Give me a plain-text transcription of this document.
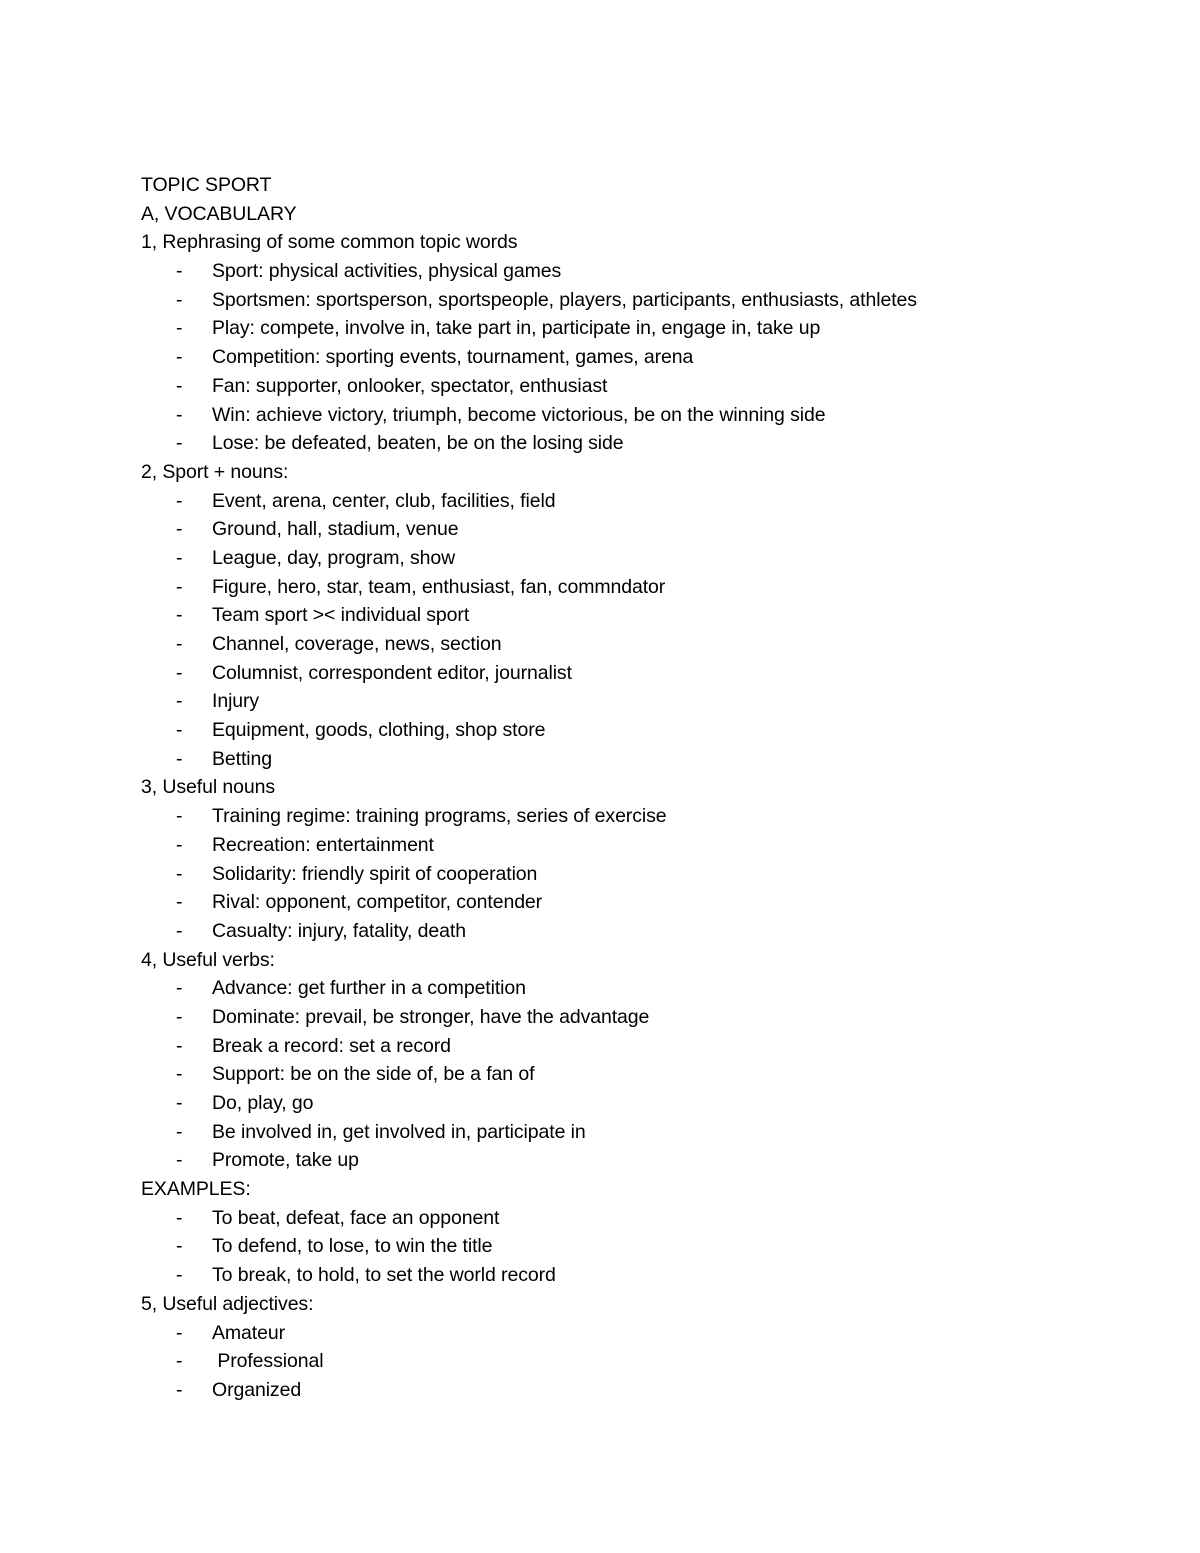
TOPIC SPORT
A, VOCABULARY
1, Rephrasing of some common topic words
- Sport: physical activities, physical games
- Sportsmen: sportsperson, sportspeople, players, participants, enthusiasts, athletes
- Play: compete, involve in, take part in, participate in, engage in, take up
- Competition: sporting events, tournament, games, arena
- Fan: supporter, onlooker, spectator, enthusiast
- Win: achieve victory, triumph, become victorious, be on the winning side
- Lose: be defeated, beaten, be on the losing side
2, Sport + nouns:
- Event, arena, center, club, facilities, field
- Ground, hall, stadium, venue
- League, day, program, show
- Figure, hero, star, team, enthusiast, fan, commndator
- Team sport >< individual sport
- Channel, coverage, news, section
- Columnist, correspondent editor, journalist
- Injury
- Equipment, goods, clothing, shop store
- Betting
3, Useful nouns
- Training regime: training programs, series of exercise
- Recreation: entertainment
- Solidarity: friendly spirit of cooperation
- Rival: opponent, competitor, contender
- Casualty: injury, fatality, death
4, Useful verbs:
- Advance: get further in a competition
- Dominate: prevail, be stronger, have the advantage
- Break a record: set a record
- Support: be on the side of, be a fan of
- Do, play, go
- Be involved in, get involved in, participate in
- Promote, take up
EXAMPLES:
- To beat, defeat, face an opponent
- To defend, to lose, to win the title
- To break, to hold, to set the world record
5, Useful adjectives:
- Amateur
- Professional
- Organized
